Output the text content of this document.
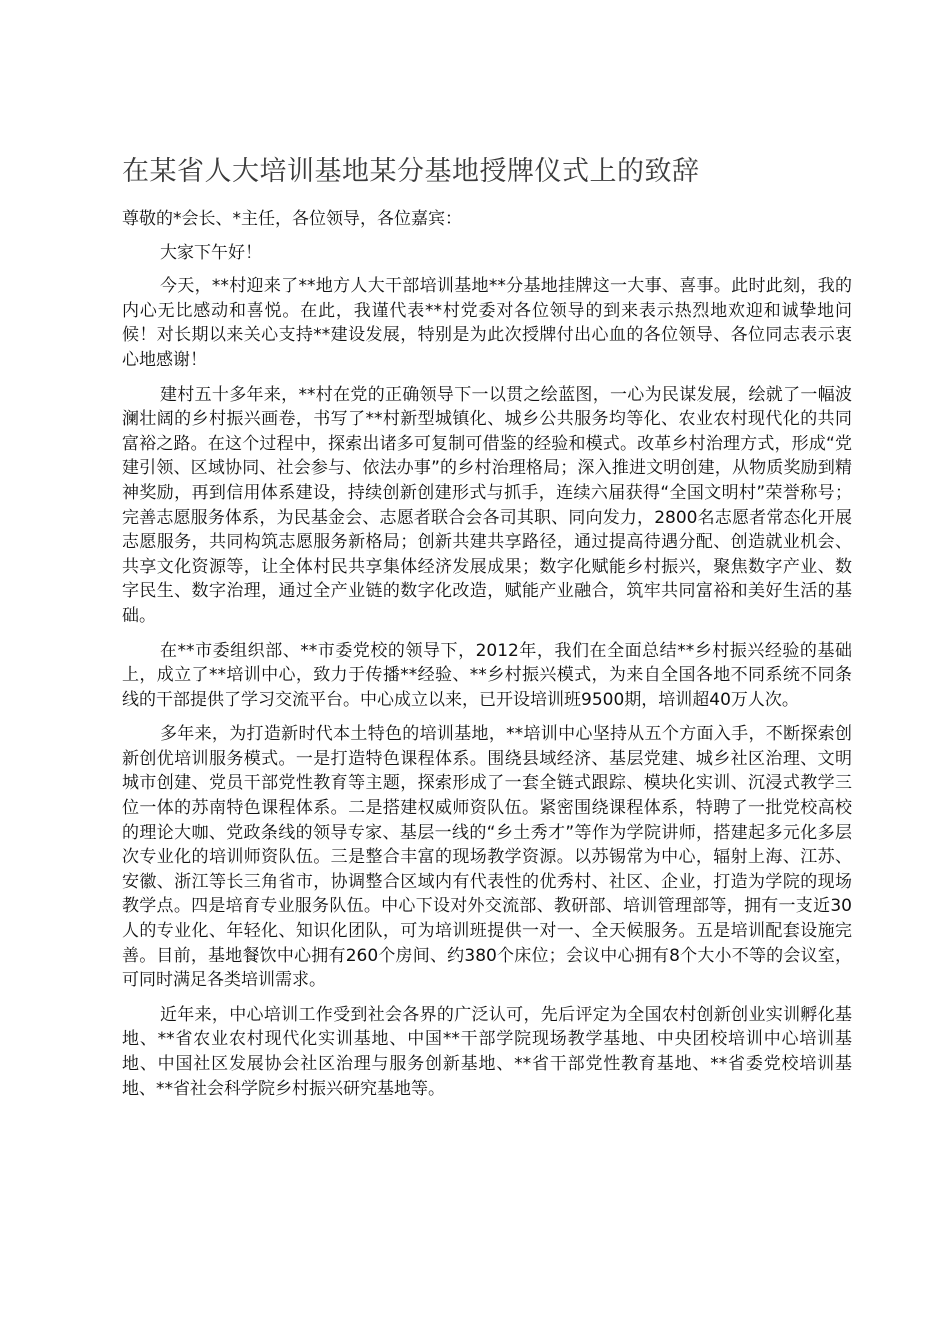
在某省人大培训基地某分基地授牌仪式上的致辞

尊敬的*会长、*主任，各位领导，各位嘉宾：

大家下午好！

今天，**村迎来了**地方人大干部培训基地**分基地挂牌这一大事、喜事。此时此刻，我的内心无比感动和喜悦。在此，我谨代表**村党委对各位领导的到来表示热烈地欢迎和诚挚地问候！对长期以来关心支持**建设发展，特别是为此次授牌付出心血的各位领导、各位同志表示衷心地感谢！

建村五十多年来，**村在党的正确领导下一以贯之绘蓝图，一心为民谋发展，绘就了一幅波澜壮阔的乡村振兴画卷，书写了**村新型城镇化、城乡公共服务均等化、农业农村现代化的共同富裕之路。在这个过程中，探索出诸多可复制可借鉴的经验和模式。改革乡村治理方式，形成“党建引领、区域协同、社会参与、依法办事”的乡村治理格局；深入推进文明创建，从物质奖励到精神奖励，再到信用体系建设，持续创新创建形式与抓手，连续六届获得“全国文明村”荣誉称号；完善志愿服务体系，为民基金会、志愿者联合会各司其职、同向发力，2800名志愿者常态化开展志愿服务，共同构筑志愿服务新格局；创新共建共享路径，通过提高待遇分配、创造就业机会、共享文化资源等，让全体村民共享集体经济发展成果；数字化赋能乡村振兴，聚焦数字产业、数字民生、数字治理，通过全产业链的数字化改造，赋能产业融合，筑牢共同富裕和美好生活的基础。

在**市委组织部、**市委党校的领导下，2012年，我们在全面总结**乡村振兴经验的基础上，成立了**培训中心，致力于传播**经验、**乡村振兴模式，为来自全国各地不同系统不同条线的干部提供了学习交流平台。中心成立以来，已开设培训班9500期，培训超40万人次。

多年来，为打造新时代本土特色的培训基地，**培训中心坚持从五个方面入手，不断探索创新创优培训服务模式。一是打造特色课程体系。围绕县域经济、基层党建、城乡社区治理、文明城市创建、党员干部党性教育等主题，探索形成了一套全链式跟踪、模块化实训、沉浸式教学三位一体的苏南特色课程体系。二是搭建权威师资队伍。紧密围绕课程体系，特聘了一批党校高校的理论大咖、党政条线的领导专家、基层一线的“乡土秀才”等作为学院讲师，搭建起多元化多层次专业化的培训师资队伍。三是整合丰富的现场教学资源。以苏锡常为中心，辐射上海、江苏、安徽、浙江等长三角省市，协调整合区域内有代表性的优秀村、社区、企业，打造为学院的现场教学点。四是培育专业服务队伍。中心下设对外交流部、教研部、培训管理部等，拥有一支近30人的专业化、年轻化、知识化团队，可为培训班提供一对一、全天候服务。五是培训配套设施完善。目前，基地餐饮中心拥有260个房间、约380个床位；会议中心拥有8个大小不等的会议室，可同时满足各类培训需求。

近年来，中心培训工作受到社会各界的广泛认可，先后评定为全国农村创新创业实训孵化基地、**省农业农村现代化实训基地、中国**干部学院现场教学基地、中央团校培训中心培训基地、中国社区发展协会社区治理与服务创新基地、**省干部党性教育基地、**省委党校培训基地、**省社会科学院乡村振兴研究基地等。
